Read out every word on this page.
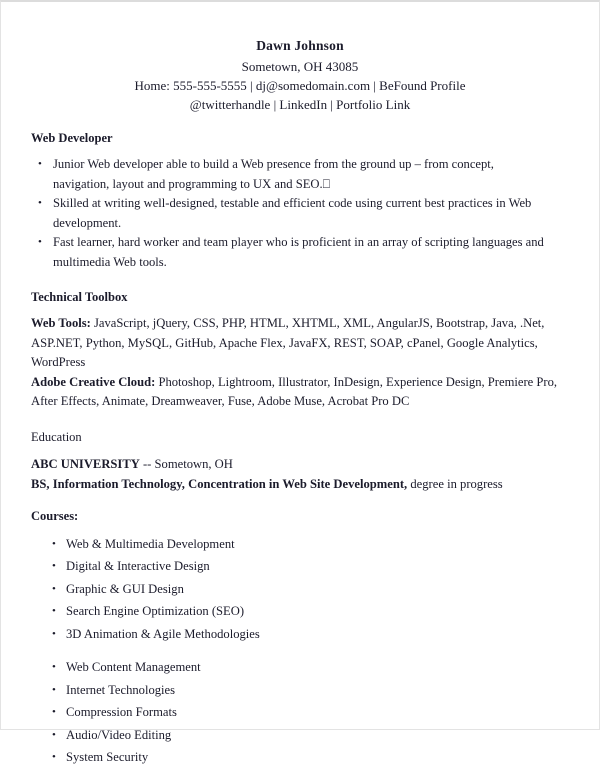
Dawn Johnson
Sometown, OH 43085
Home: 555-555-5555 | dj@somedomain.com | BeFound Profile
@twitterhandle | LinkedIn | Portfolio Link
Web Developer
• Junior Web developer able to build a Web presence from the ground up – from concept, navigation, layout and programming to UX and SEO.⎕
• Skilled at writing well-designed, testable and efficient code using current best practices in Web development.
• Fast learner, hard worker and team player who is proficient in an array of scripting languages and multimedia Web tools.
Technical Toolbox

Web Tools: JavaScript, jQuery, CSS, PHP, HTML, XHTML, XML, AngularJS, Bootstrap, Java, .Net, ASP.NET, Python, MySQL, GitHub, Apache Flex, JavaFX, REST, SOAP, cPanel, Google Analytics, WordPress

Adobe Creative Cloud: Photoshop, Lightroom, Illustrator, InDesign, Experience Design, Premiere Pro, After Effects, Animate, Dreamweaver, Fuse, Adobe Muse, Acrobat Pro DC

Education

ABC UNIVERSITY -- Sometown, OH

BS, Information Technology, Concentration in Web Site Development, degree in progress

Courses:
• Web & Multimedia Development
• Digital & Interactive Design
• Graphic & GUI Design
• Search Engine Optimization (SEO)
• 3D Animation & Agile Methodologies
• Web Content Management
• Internet Technologies
• Compression Formats
• Audio/Video Editing
• System Security
